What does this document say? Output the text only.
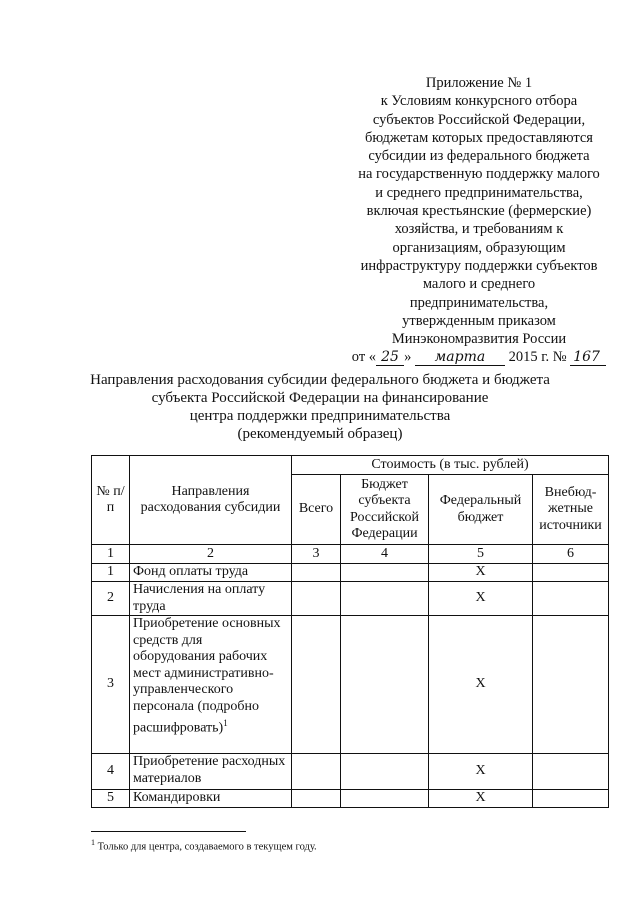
Приложение № 1
к Условиям конкурсного отбора
субъектов Российской Федерации,
бюджетам которых предоставляются
субсидии из федерального бюджета
на государственную поддержку малого
и среднего предпринимательства,
включая крестьянские (фермерские)
хозяйства, и требованиям к
организациям, образующим
инфраструктуру поддержки субъектов
малого и среднего
предпринимательства,
утвержденным приказом
Минэкономразвития России
от « 25 » марта 2015 г. № 167
Направления расходования субсидии федерального бюджета и бюджета
субъекта Российской Федерации на финансирование
центра поддержки предпринимательства
(рекомендуемый образец)
№ п/п	Направления расходования субсидии	Стоимость (в тыс. рублей)			
		Всего	Бюджет субъекта Российской Федерации	Федеральный бюджет	Внебюд-жетные источники
1	2	3	4	5	6
1	Фонд оплаты труда			X	
2	Начисления на оплату труда			X	
3	Приобретение основных средств для оборудования рабочих мест административно-управленческого персонала (подробно расшифровать)$^1$			X	
4	Приобретение расходных материалов			X	
5	Командировки			X	
$^1$ Только для центра, создаваемого в текущем году.
